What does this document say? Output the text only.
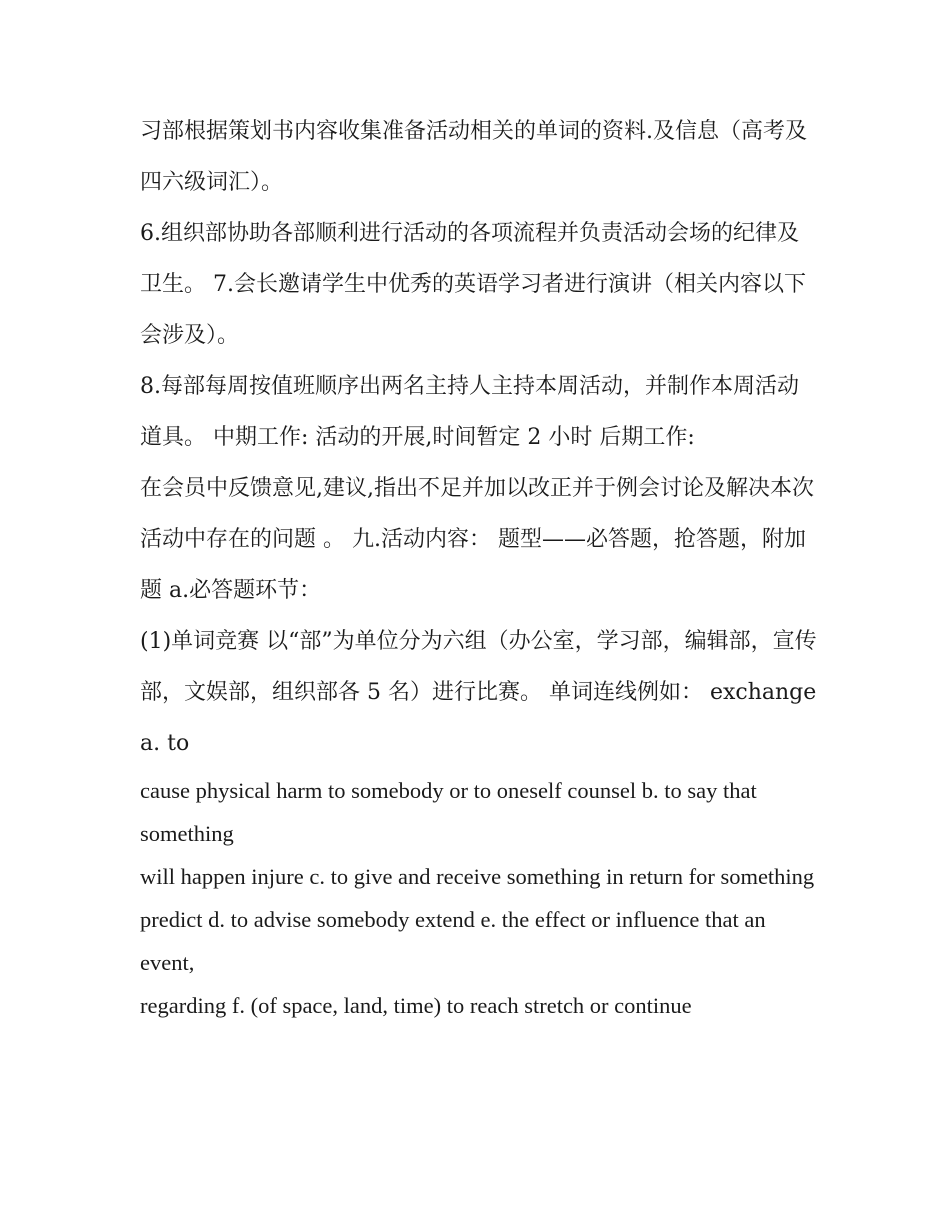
习部根据策划书内容收集准备活动相关的单词的资料.及信息（高考及四六级词汇）。

6.组织部协助各部顺利进行活动的各项流程并负责活动会场的纪律及卫生。 7.会长邀请学生中优秀的英语学习者进行演讲（相关内容以下会涉及）。

8.每部每周按值班顺序出两名主持人主持本周活动，并制作本周活动道具。 中期工作: 活动的开展,时间暂定 2 小时 后期工作:

在会员中反馈意见,建议,指出不足并加以改正并于例会讨论及解决本次活动中存在的问题 。 九.活动内容： 题型——必答题，抢答题，附加题 a.必答题环节：

(1)单词竞赛 以“部”为单位分为六组（办公室，学习部，编辑部，宣传部，文娱部，组织部各 5 名）进行比赛。 单词连线例如： exchange a. to

cause physical harm to somebody or to oneself counsel b. to say that something

will happen injure c. to give and receive something in return for something

predict d. to advise somebody extend e. the effect or influence that an event,

regarding f. (of space, land, time) to reach stretch or continue
